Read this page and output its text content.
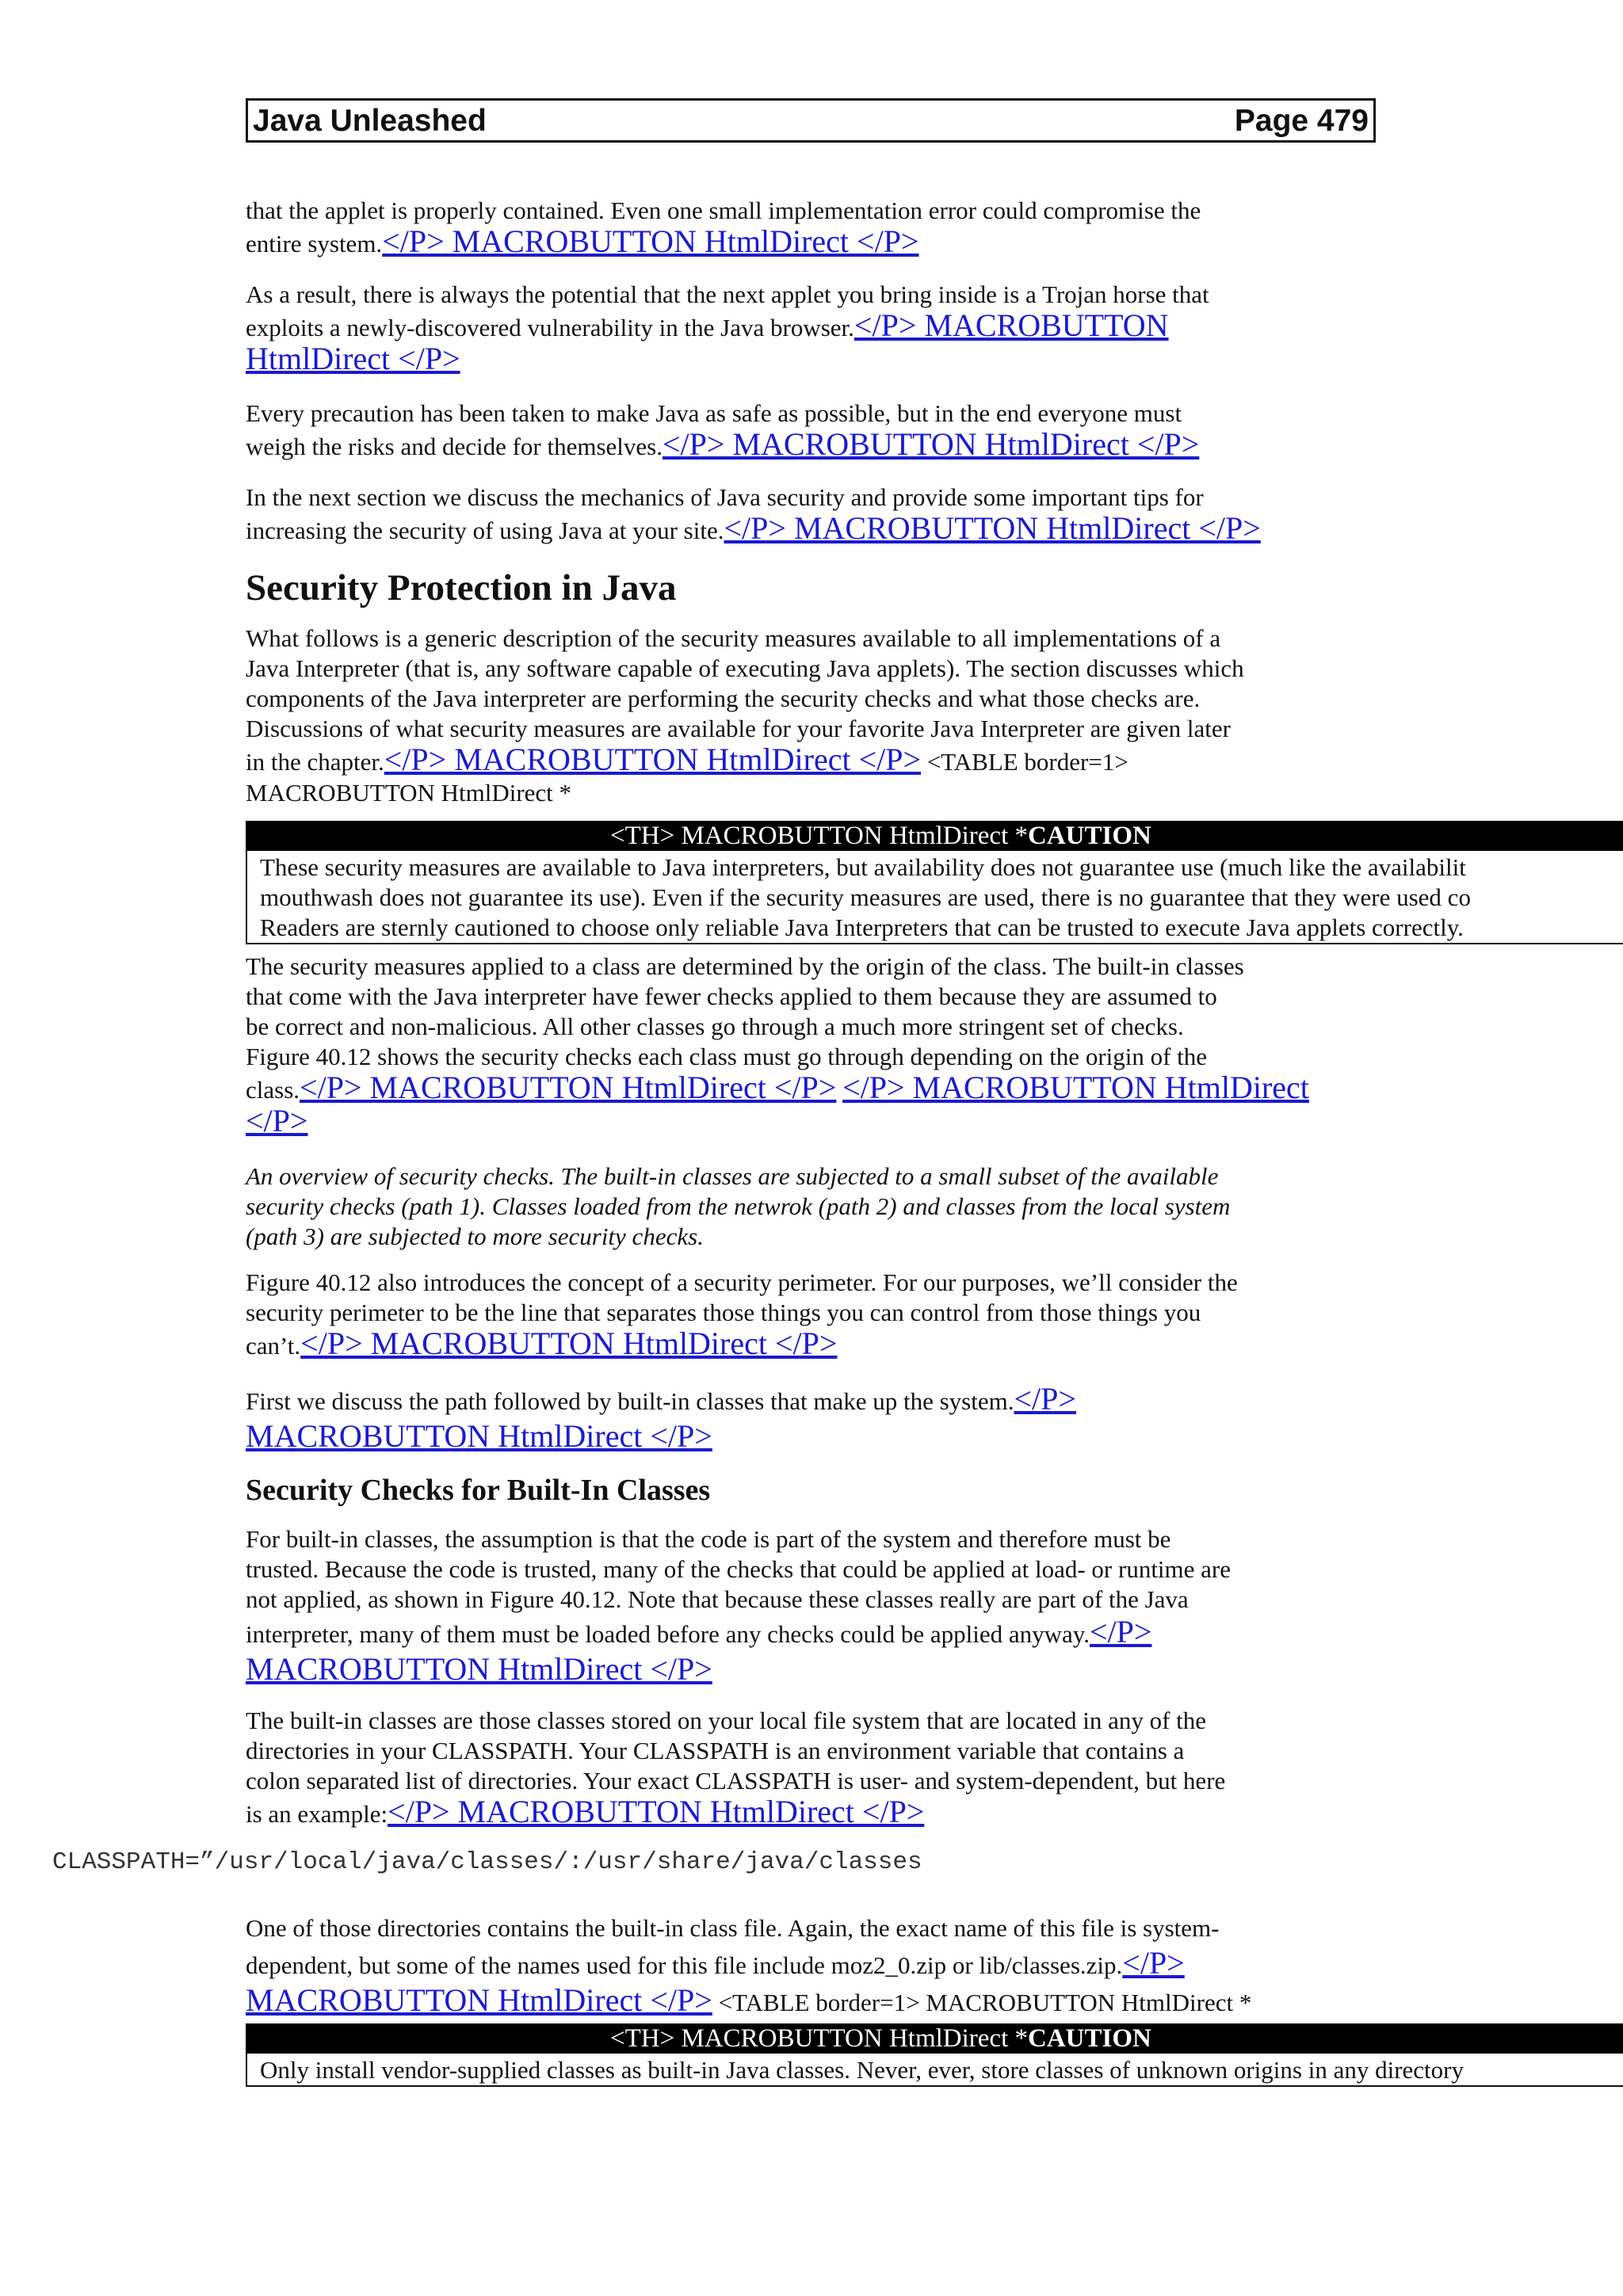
Java Unleashed	Page 479

that the applet is properly contained. Even one small implementation error could compromise the

entire system.</P> MACROBUTTON HtmlDirect </P>

As a result, there is always the potential that the next applet you bring inside is a Trojan horse that

exploits a newly-discovered vulnerability in the Java browser.</P> MACROBUTTON

HtmlDirect </P>

Every precaution has been taken to make Java as safe as possible, but in the end everyone must

weigh the risks and decide for themselves.</P> MACROBUTTON HtmlDirect </P>

In the next section we discuss the mechanics of Java security and provide some important tips for

increasing the security of using Java at your site.</P> MACROBUTTON HtmlDirect </P>

Security Protection in Java

What follows is a generic description of the security measures available to all implementations of a

Java Interpreter (that is, any software capable of executing Java applets). The section discusses which

components of the Java interpreter are performing the security checks and what those checks are.

Discussions of what security measures are available for your favorite Java Interpreter are given later

in the chapter.</P> MACROBUTTON HtmlDirect </P> <TABLE border=1>

MACROBUTTON HtmlDirect *

<TH> MACROBUTTON HtmlDirect *CAUTION
These security measures are available to Java interpreters, but availability does not guarantee use (much like the availabilit
mouthwash does not guarantee its use). Even if the security measures are used, there is no guarantee that they were used co
Readers are sternly cautioned to choose only reliable Java Interpreters that can be trusted to execute Java applets correctly.

The security measures applied to a class are determined by the origin of the class. The built-in classes

that come with the Java interpreter have fewer checks applied to them because they are assumed to

be correct and non-malicious. All other classes go through a much more stringent set of checks.

Figure 40.12 shows the security checks each class must go through depending on the origin of the

class.</P> MACROBUTTON HtmlDirect </P> </P> MACROBUTTON HtmlDirect

</P>

An overview of security checks. The built-in classes are subjected to a small subset of the available

security checks (path 1). Classes loaded from the netwrok (path 2) and classes from the local system

(path 3) are subjected to more security checks.

Figure 40.12 also introduces the concept of a security perimeter. For our purposes, we’ll consider the

security perimeter to be the line that separates those things you can control from those things you

can’t.</P> MACROBUTTON HtmlDirect </P>

First we discuss the path followed by built-in classes that make up the system.</P>

MACROBUTTON HtmlDirect </P>

Security Checks for Built-In Classes

For built-in classes, the assumption is that the code is part of the system and therefore must be

trusted. Because the code is trusted, many of the checks that could be applied at load- or runtime are

not applied, as shown in Figure 40.12. Note that because these classes really are part of the Java

interpreter, many of them must be loaded before any checks could be applied anyway.</P>

MACROBUTTON HtmlDirect </P>

The built-in classes are those classes stored on your local file system that are located in any of the

directories in your CLASSPATH. Your CLASSPATH is an environment variable that contains a

colon separated list of directories. Your exact CLASSPATH is user- and system-dependent, but here

is an example:</P> MACROBUTTON HtmlDirect </P>

CLASSPATH=”/usr/local/java/classes/:/usr/share/java/classes

One of those directories contains the built-in class file. Again, the exact name of this file is system-

dependent, but some of the names used for this file include moz2_0.zip or lib/classes.zip.</P>

MACROBUTTON HtmlDirect </P> <TABLE border=1> MACROBUTTON HtmlDirect *

<TH> MACROBUTTON HtmlDirect *CAUTION
Only install vendor-supplied classes as built-in Java classes. Never, ever, store classes of unknown origins in any directory
